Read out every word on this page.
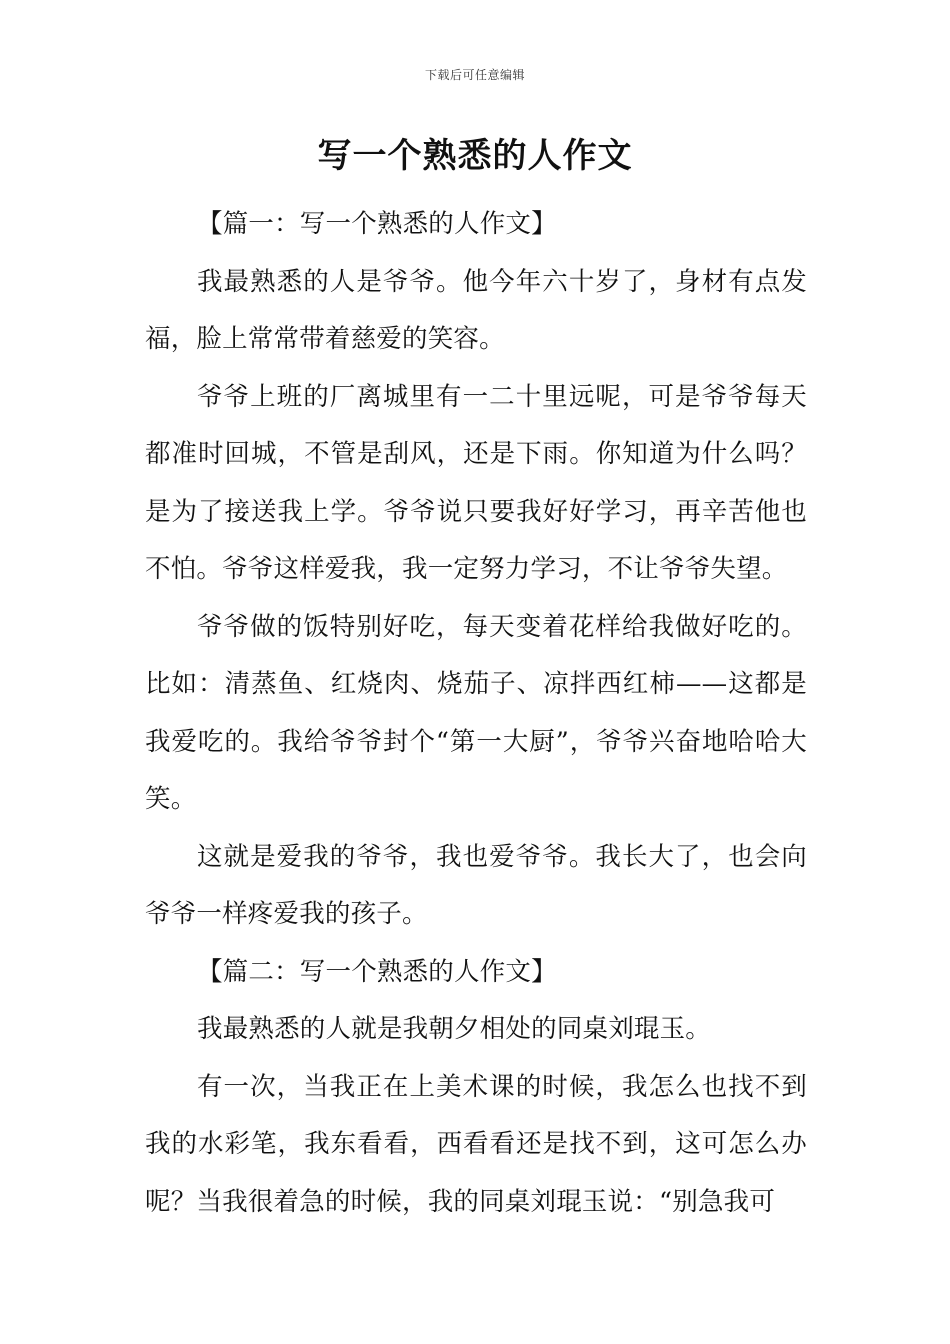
下载后可任意编辑
写一个熟悉的人作文

【篇一：写一个熟悉的人作文】

我最熟悉的人是爷爷。他今年六十岁了，身材有点发福，脸上常常带着慈爱的笑容。

爷爷上班的厂离城里有一二十里远呢，可是爷爷每天都准时回城，不管是刮风，还是下雨。你知道为什么吗？是为了接送我上学。爷爷说只要我好好学习，再辛苦他也不怕。爷爷这样爱我，我一定努力学习，不让爷爷失望。

爷爷做的饭特别好吃，每天变着花样给我做好吃的。比如：清蒸鱼、红烧肉、烧茄子、凉拌西红柿——这都是我爱吃的。我给爷爷封个“第一大厨”，爷爷兴奋地哈哈大笑。

这就是爱我的爷爷，我也爱爷爷。我长大了，也会向爷爷一样疼爱我的孩子。

【篇二：写一个熟悉的人作文】

我最熟悉的人就是我朝夕相处的同桌刘琨玉。

有一次，当我正在上美术课的时候，我怎么也找不到我的水彩笔，我东看看，西看看还是找不到，这可怎么办呢？当我很着急的时候，我的同桌刘琨玉说：“别急我可
